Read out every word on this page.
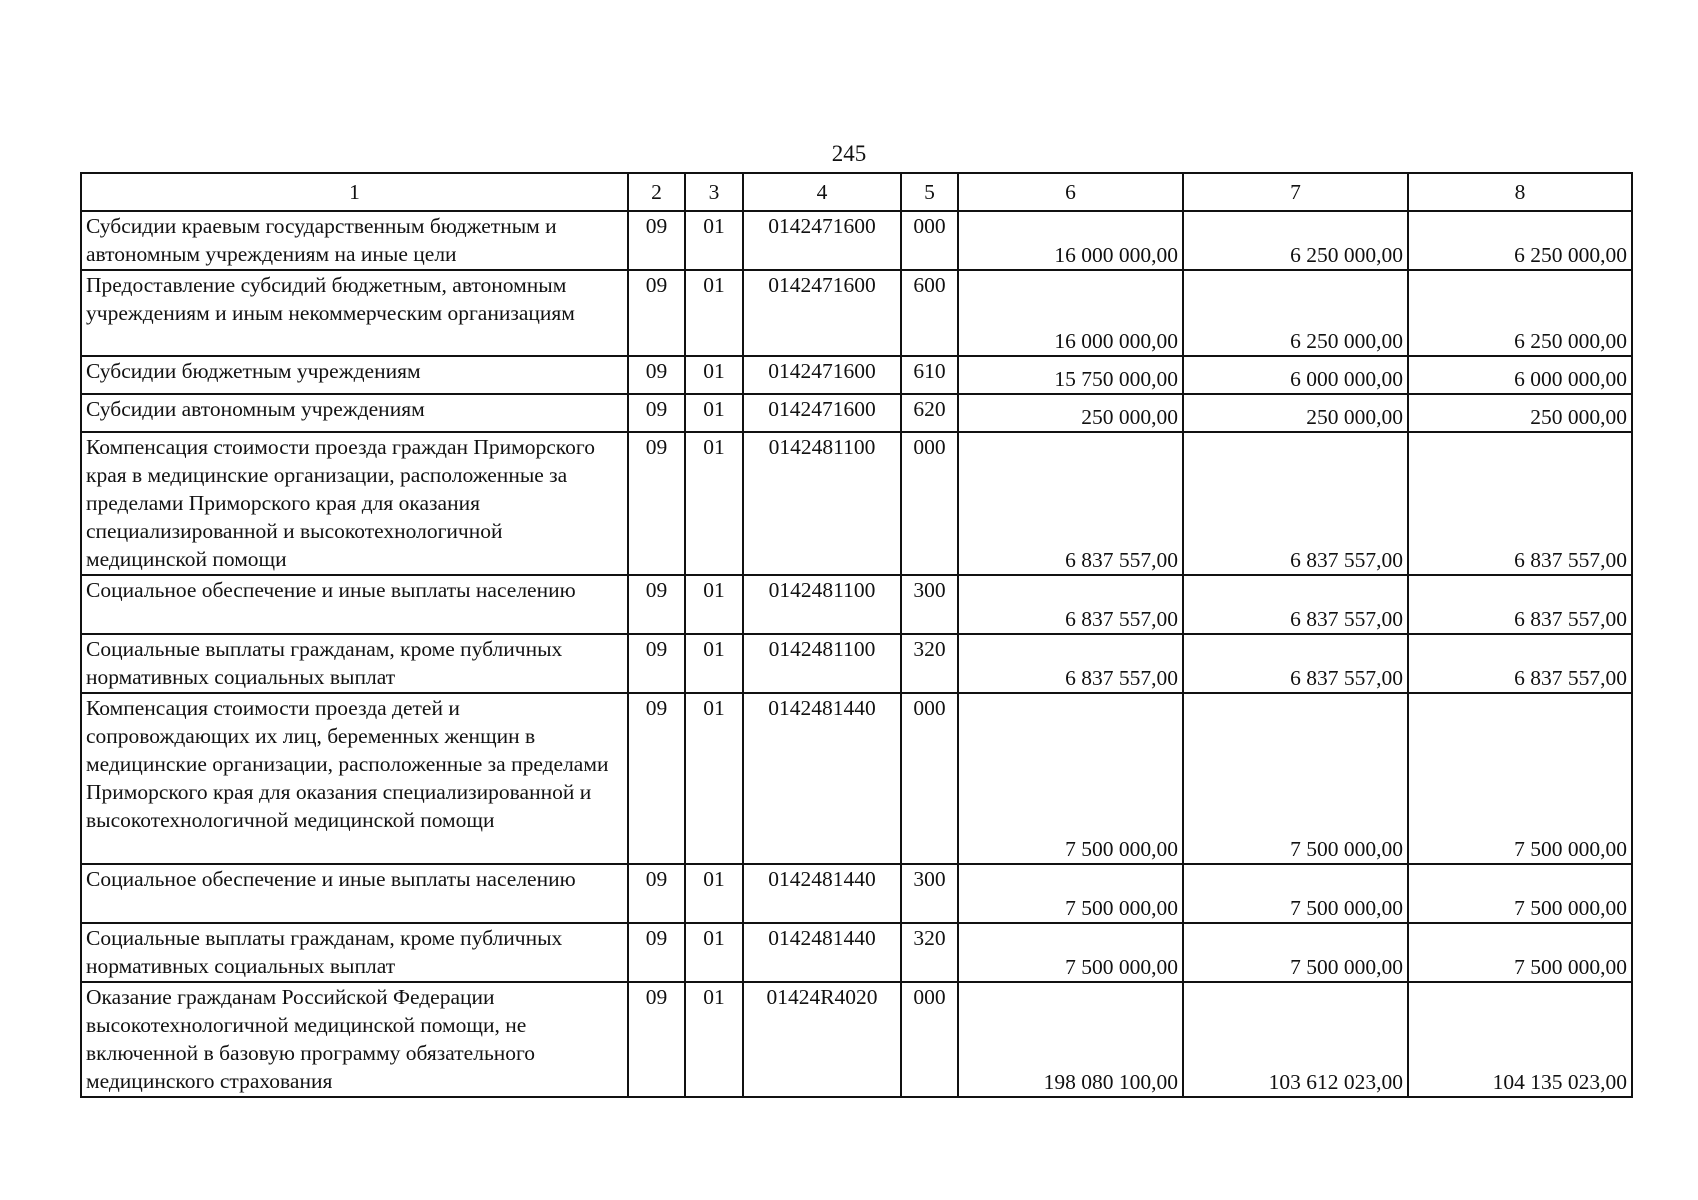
245
1	2	3	4	5	6	7	8
Субсидии краевым государственным бюджетным и автономным учреждениям на иные цели	09	01	0142471600	000	16 000 000,00	6 250 000,00	6 250 000,00
Предоставление субсидий бюджетным, автономным учреждениям и иным некоммерческим организациям	09	01	0142471600	600	16 000 000,00	6 250 000,00	6 250 000,00
Субсидии бюджетным учреждениям	09	01	0142471600	610	15 750 000,00	6 000 000,00	6 000 000,00
Субсидии автономным учреждениям	09	01	0142471600	620	250 000,00	250 000,00	250 000,00
Компенсация стоимости проезда граждан Приморского края в медицинские организации, расположенные за пределами Приморского края для оказания специализированной и высокотехнологичной медицинской помощи	09	01	0142481100	000	6 837 557,00	6 837 557,00	6 837 557,00
Социальное обеспечение и иные выплаты населению	09	01	0142481100	300	6 837 557,00	6 837 557,00	6 837 557,00
Социальные выплаты гражданам, кроме публичных нормативных социальных выплат	09	01	0142481100	320	6 837 557,00	6 837 557,00	6 837 557,00
Компенсация стоимости проезда детей и сопровождающих их лиц, беременных женщин в медицинские организации, расположенные за пределами Приморского края для оказания специализированной и высокотехнологичной медицинской помощи	09	01	0142481440	000	7 500 000,00	7 500 000,00	7 500 000,00
Социальное обеспечение и иные выплаты населению	09	01	0142481440	300	7 500 000,00	7 500 000,00	7 500 000,00
Социальные выплаты гражданам, кроме публичных нормативных социальных выплат	09	01	0142481440	320	7 500 000,00	7 500 000,00	7 500 000,00
Оказание гражданам Российской Федерации высокотехнологичной медицинской помощи, не включенной в базовую программу обязательного медицинского страхования	09	01	01424R4020	000	198 080 100,00	103 612 023,00	104 135 023,00
